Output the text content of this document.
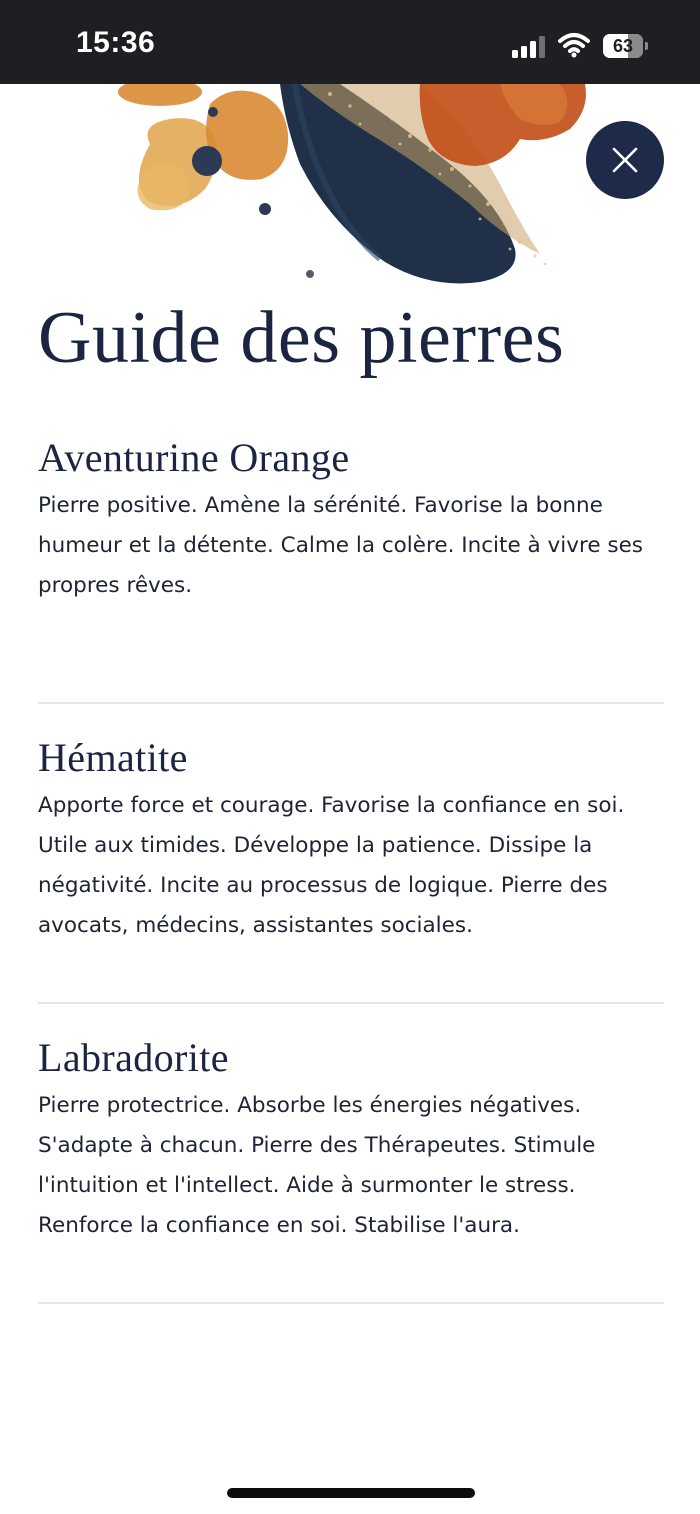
15:36	63
Guide des pierres
Aventurine Orange

Pierre positive. Amène la sérénité. Favorise la bonne humeur et la détente. Calme la colère. Incite à vivre ses propres rêves.

Hématite

Apporte force et courage. Favorise la confiance en soi. Utile aux timides. Développe la patience. Dissipe la négativité. Incite au processus de logique. Pierre des avocats, médecins, assistantes sociales.

Labradorite

Pierre protectrice. Absorbe les énergies négatives. S'adapte à chacun. Pierre des Thérapeutes. Stimule l'intuition et l'intellect. Aide à surmonter le stress. Renforce la confiance en soi. Stabilise l'aura.
